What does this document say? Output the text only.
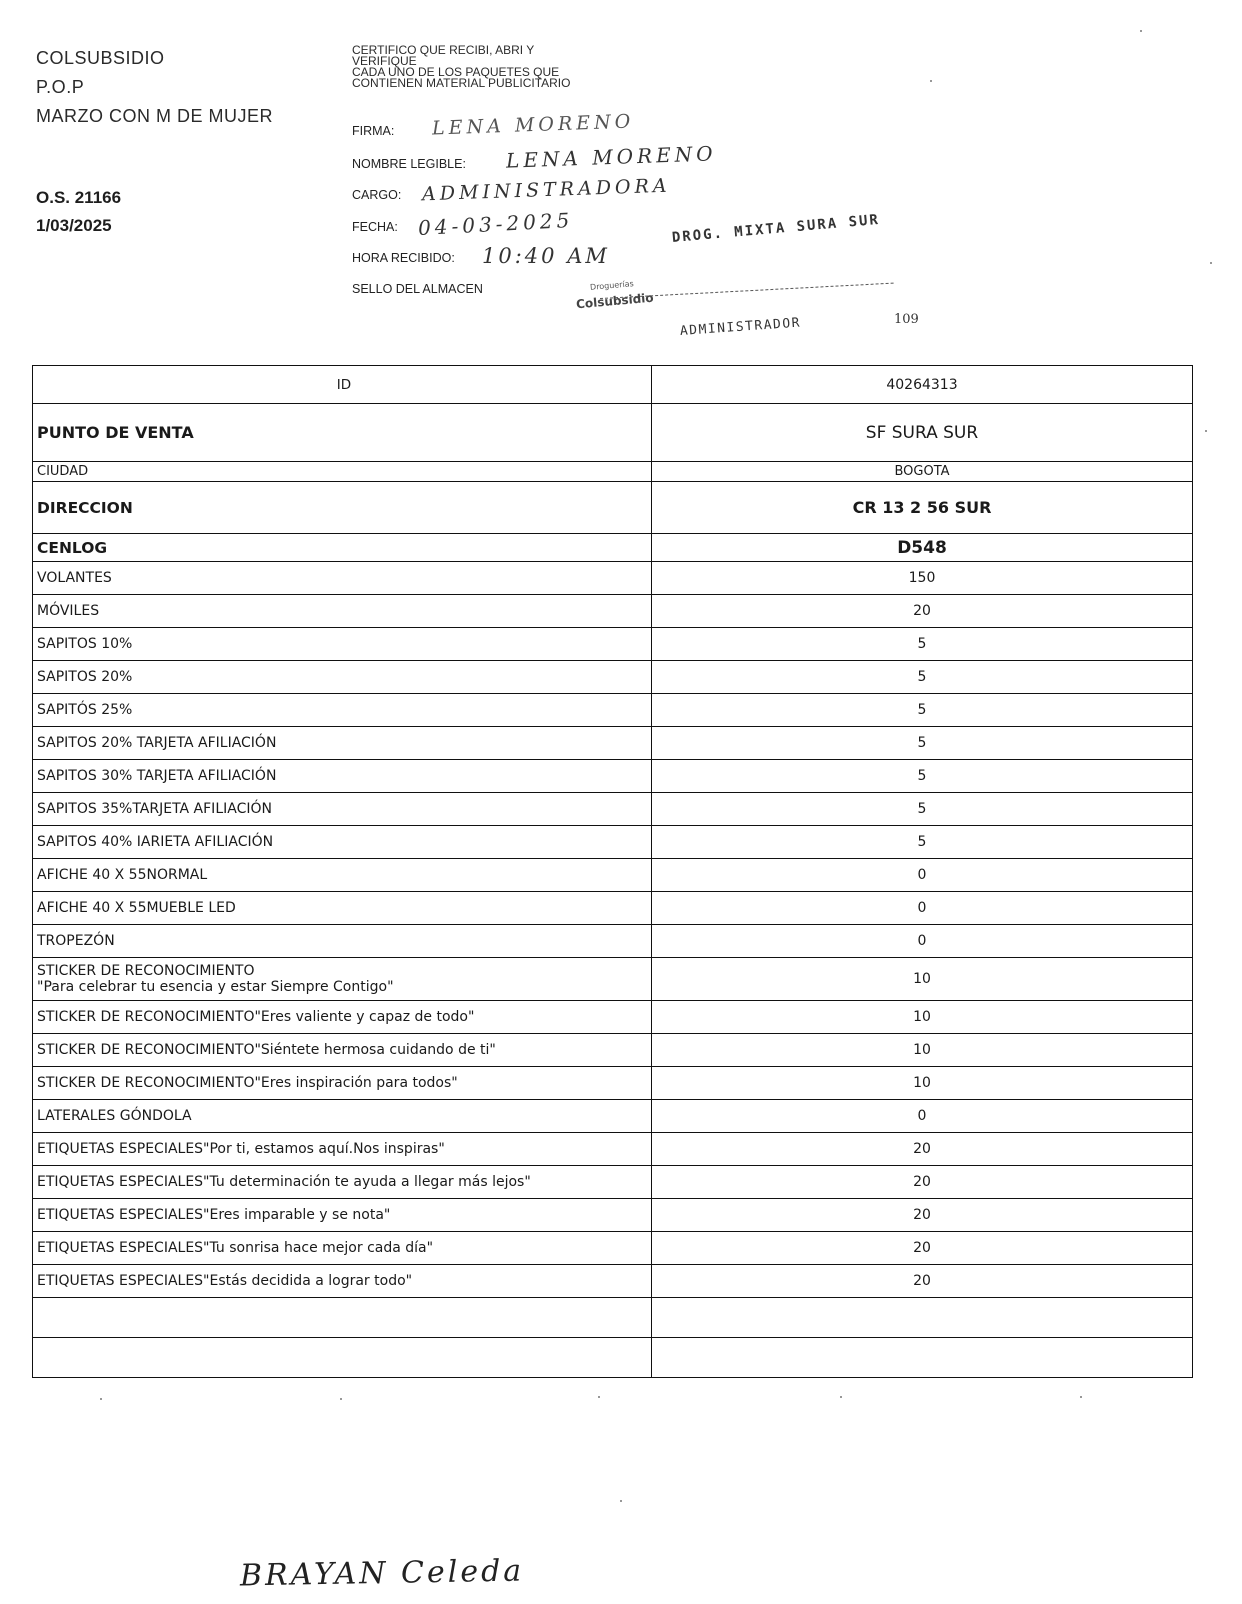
COLSUBSIDIO
P.O.P
MARZO CON M DE MUJER
O.S. 21166
1/03/2025
CERTIFICO QUE RECIBI, ABRI Y
VERIFIQUE
CADA UNO DE LOS PAQUETES QUE
CONTIENEN MATERIAL PUBLICITARIO
FIRMA: LENA MORENO
NOMBRE LEGIBLE: LENA MORENO
CARGO: ADMINISTRADORA
FECHA: 04-03-2025
HORA RECIBIDO: 10:40 AM
SELLO DEL ALMACEN
DROG. MIXTA SURA SUR
Droguerías
Colsubsidio
ADMINISTRADOR	109
ID	40264313
PUNTO DE VENTA	SF SURA SUR
CIUDAD	BOGOTA
DIRECCION	CR 13 2 56 SUR
CENLOG	D548
VOLANTES	150
MÓVILES	20
SAPITOS 10%	5
SAPITOS 20%	5
SAPITÓS 25%	5
SAPITOS 20% TARJETA AFILIACIÓN	5
SAPITOS 30% TARJETA AFILIACIÓN	5
SAPITOS 35%TARJETA AFILIACIÓN	5
SAPITOS 40% IARIETA AFILIACIÓN	5
AFICHE 40 X 55NORMAL	0
AFICHE 40 X 55MUEBLE LED	0
TROPEZÓN	0

STICKER DE RECONOCIMIENTO
"Para celebrar tu esencia y estar Siempre Contigo"	10
STICKER DE RECONOCIMIENTO"Eres valiente y capaz de todo"	10
STICKER DE RECONOCIMIENTO"Siéntete hermosa cuidando de ti"	10
STICKER DE RECONOCIMIENTO"Eres inspiración para todos"	10
LATERALES GÓNDOLA	0
ETIQUETAS ESPECIALES"Por ti, estamos aquí.Nos inspiras"	20
ETIQUETAS ESPECIALES"Tu determinación te ayuda a llegar más lejos"	20
ETIQUETAS ESPECIALES"Eres imparable y se nota"	20
ETIQUETAS ESPECIALES"Tu sonrisa hace mejor cada día"	20
ETIQUETAS ESPECIALES"Estás decidida a lograr todo"	20

BRAYAN Celeda
